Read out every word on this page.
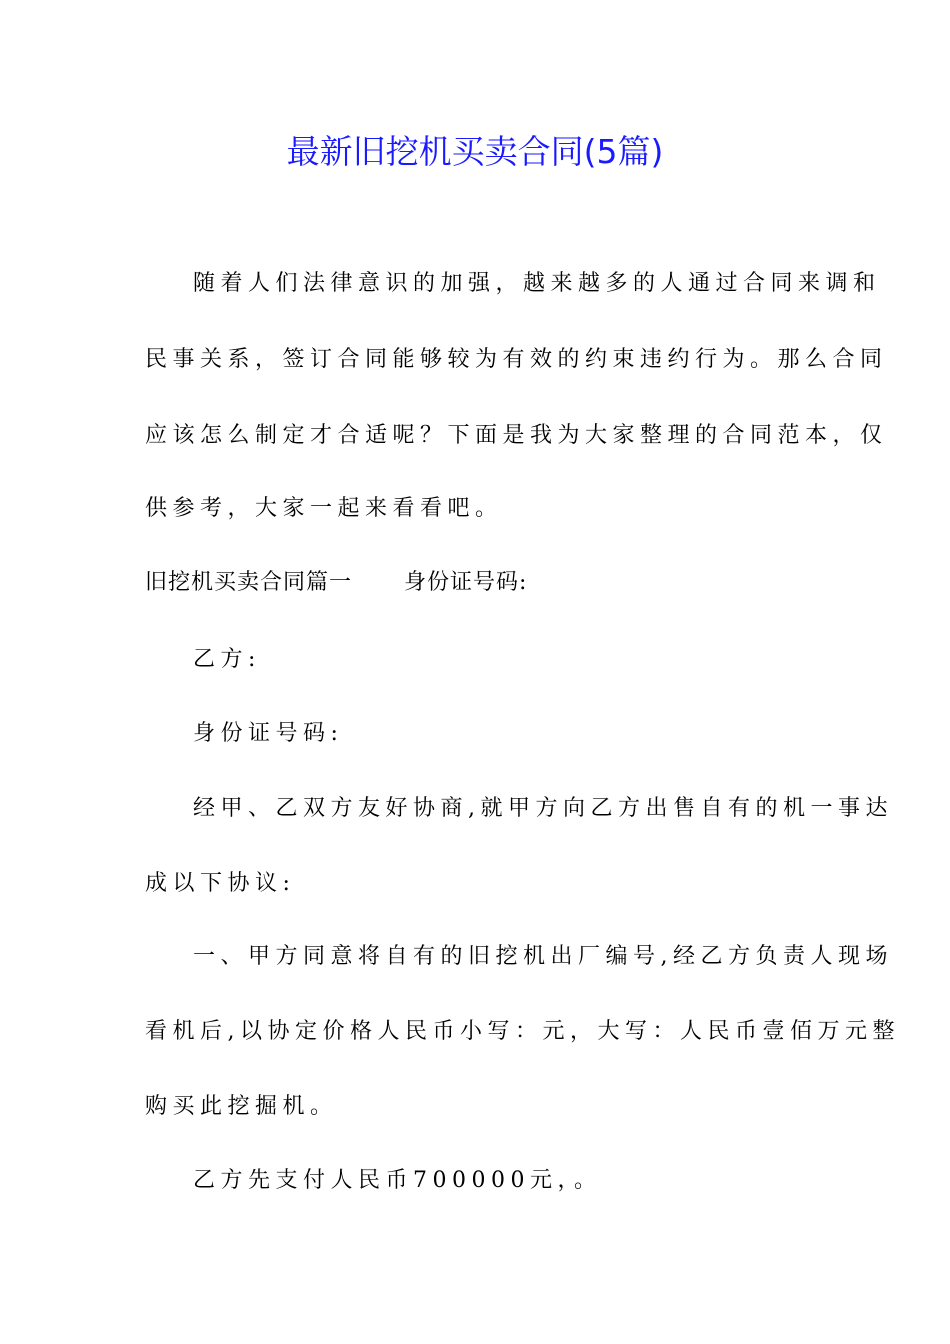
最新旧挖机买卖合同(5篇)
随着人们法律意识的加强，越来越多的人通过合同来调和
民事关系，签订合同能够较为有效的约束违约行为。那么合同
应该怎么制定才合适呢？下面是我为大家整理的合同范本，仅
供参考，大家一起来看看吧。
旧挖机买卖合同篇一 身份证号码:
乙方:
身份证号码:
经甲、乙双方友好协商,就甲方向乙方出售自有的机一事达
成以下协议:
一、甲方同意将自有的旧挖机出厂编号,经乙方负责人现场
看机后,以协定价格人民币小写：元，大写：人民币壹佰万元整
购买此挖掘机。
乙方先支付人民币700000元，。
